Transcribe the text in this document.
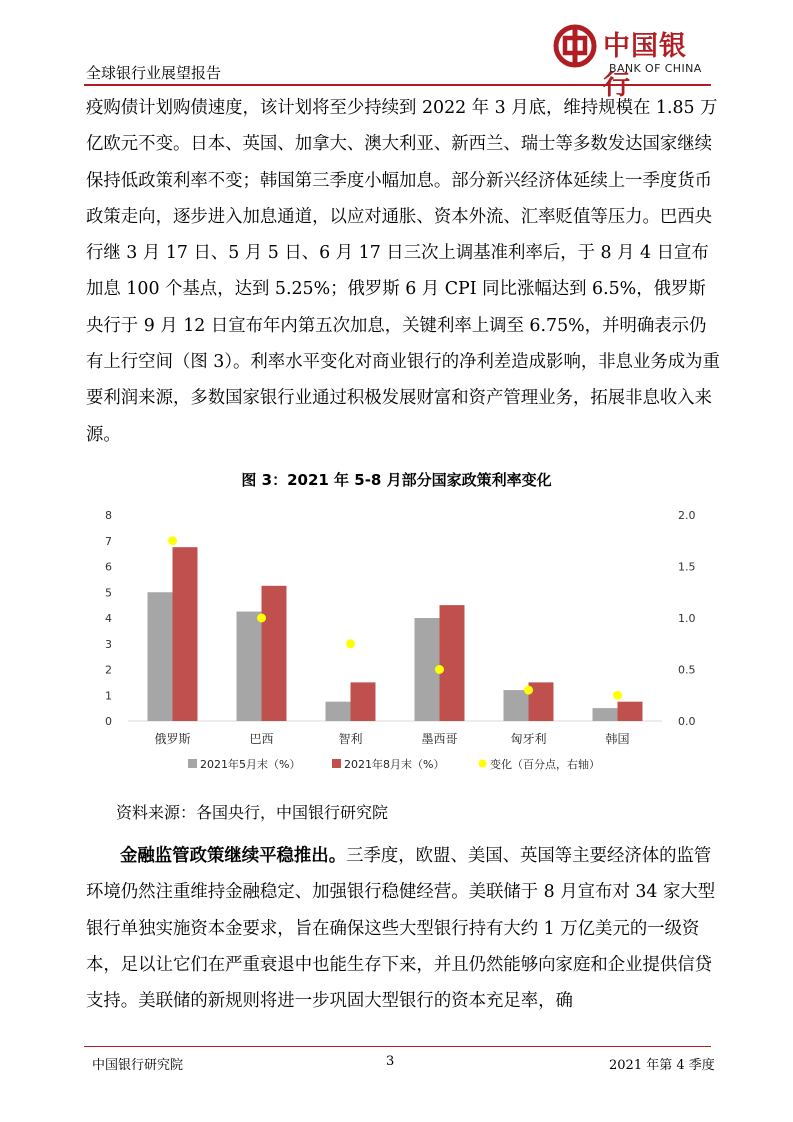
全球银行业展望报告
中国银行
BANK OF CHINA

疫购债计划购债速度，该计划将至少持续到 2022 年 3 月底，维持规模在 1.85 万亿欧元不变。日本、英国、加拿大、澳大利亚、新西兰、瑞士等多数发达国家继续保持低政策利率不变；韩国第三季度小幅加息。部分新兴经济体延续上一季度货币政策走向，逐步进入加息通道，以应对通胀、资本外流、汇率贬值等压力。巴西央行继 3 月 17 日、5 月 5 日、6 月 17 日三次上调基准利率后，于 8 月 4 日宣布加息 100 个基点，达到 5.25%；俄罗斯 6 月 CPI 同比涨幅达到 6.5%，俄罗斯央行于 9 月 12 日宣布年内第五次加息，关键利率上调至 6.75%，并明确表示仍有上行空间（图 3）。利率水平变化对商业银行的净利差造成影响，非息业务成为重要利润来源，多数国家银行业通过积极发展财富和资产管理业务，拓展非息收入来源。

图 3：2021 年 5-8 月部分国家政策利率变化
0
1
2
3
4
5
6
7
8
0.0
0.5
1.0
1.5
2.0
俄罗斯	巴西	智利	墨西哥	匈牙利	韩国
2021年5月末（%）	2021年8月末（%）	变化（百分点，右轴）
资料来源：各国央行，中国银行研究院

金融监管政策继续平稳推出。三季度，欧盟、美国、英国等主要经济体的监管环境仍然注重维持金融稳定、加强银行稳健经营。美联储于 8 月宣布对 34 家大型银行单独实施资本金要求，旨在确保这些大型银行持有大约 1 万亿美元的一级资本，足以让它们在严重衰退中也能生存下来，并且仍然能够向家庭和企业提供信贷支持。美联储的新规则将进一步巩固大型银行的资本充足率，确

中国银行研究院	3	2021 年第 4 季度
